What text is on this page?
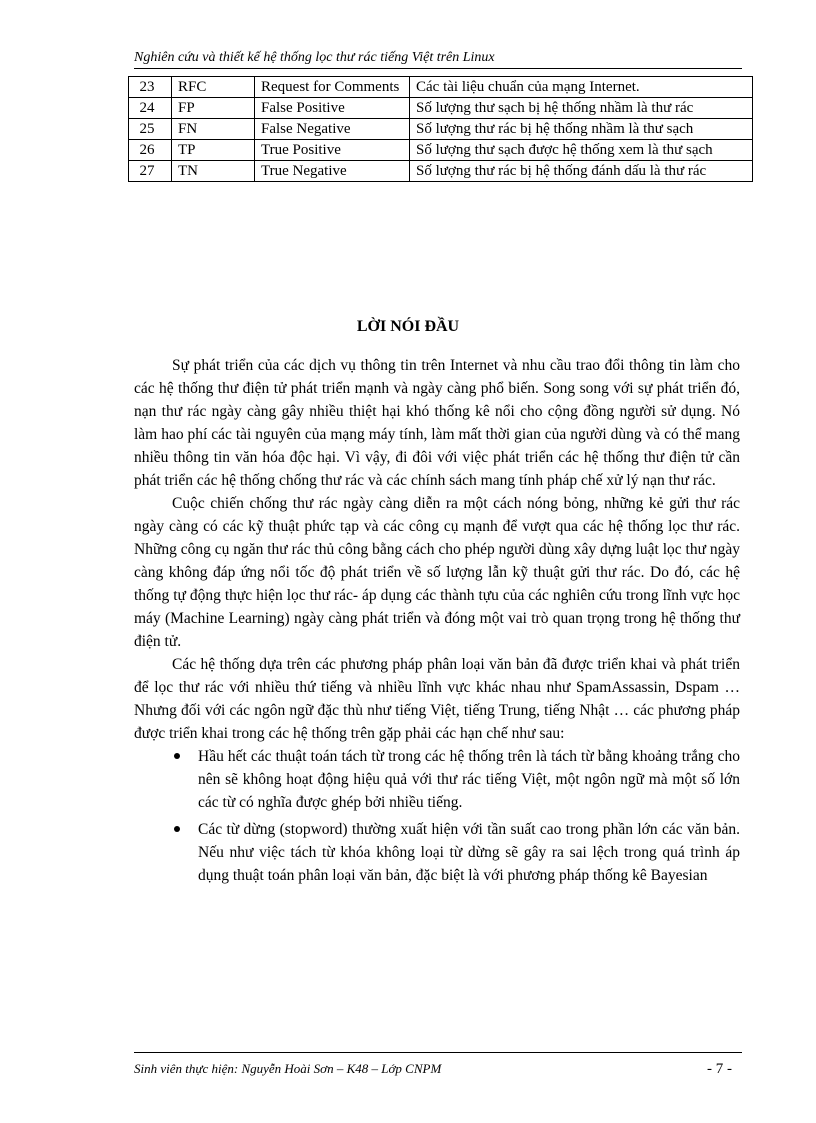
Nghiên cứu và thiết kế hệ thống lọc thư rác tiếng Việt trên Linux
23	RFC	Request for Comments	Các tài liệu chuẩn của mạng Internet.
24	FP	False Positive	Số lượng thư sạch bị hệ thống nhầm là thư rác
25	FN	False Negative	Số lượng thư rác bị hệ thống nhầm là thư sạch
26	TP	True Positive	Số lượng thư sạch được hệ thống xem là thư sạch
27	TN	True Negative	Số lượng thư rác bị hệ thống đánh dấu là thư rác
LỜI NÓI ĐẦU

Sự phát triển của các dịch vụ thông tin trên Internet và nhu cầu trao đổi thông tin làm cho các hệ thống thư điện tử phát triển mạnh và ngày càng phổ biến. Song song với sự phát triển đó, nạn thư rác ngày càng gây nhiều thiệt hại khó thống kê nổi cho cộng đồng người sử dụng. Nó làm hao phí các tài nguyên của mạng máy tính, làm mất thời gian của người dùng và có thể mang nhiều thông tin văn hóa độc hại. Vì vậy, đi đôi với việc phát triển các hệ thống thư điện tử cần phát triển các hệ thống chống thư rác và các chính sách mang tính pháp chế xử lý nạn thư rác.

Cuộc chiến chống thư rác ngày càng diễn ra một cách nóng bỏng, những kẻ gửi thư rác ngày càng có các kỹ thuật phức tạp và các công cụ mạnh để vượt qua các hệ thống lọc thư rác. Những công cụ ngăn thư rác thủ công bằng cách cho phép người dùng xây dựng luật lọc thư ngày càng không đáp ứng nổi tốc độ phát triển về số lượng lẫn kỹ thuật gửi thư rác. Do đó, các hệ thống tự động thực hiện lọc thư rác- áp dụng các thành tựu của các nghiên cứu trong lĩnh vực học máy (Machine Learning) ngày càng phát triển và đóng một vai trò quan trọng trong hệ thống thư điện tử.

Các hệ thống dựa trên các phương pháp phân loại văn bản đã được triển khai và phát triển để lọc thư rác với nhiều thứ tiếng và nhiều lĩnh vực khác nhau như SpamAssassin, Dspam … Nhưng đối với các ngôn ngữ đặc thù như tiếng Việt, tiếng Trung, tiếng Nhật … các phương pháp được triển khai trong các hệ thống trên gặp phải các hạn chế như sau:

Hầu hết các thuật toán tách từ trong các hệ thống trên là tách từ bằng khoảng trắng cho nên sẽ không hoạt động hiệu quả với thư rác tiếng Việt, một ngôn ngữ mà một số lớn các từ có nghĩa được ghép bởi nhiều tiếng.
Các từ dừng (stopword) thường xuất hiện với tần suất cao trong phần lớn các văn bản. Nếu như việc tách từ khóa không loại từ dừng sẽ gây ra sai lệch trong quá trình áp dụng thuật toán phân loại văn bản, đặc biệt là với phương pháp thống kê Bayesian
Sinh viên thực hiện: Nguyễn Hoài Sơn – K48 – Lớp CNPM	- 7 -
